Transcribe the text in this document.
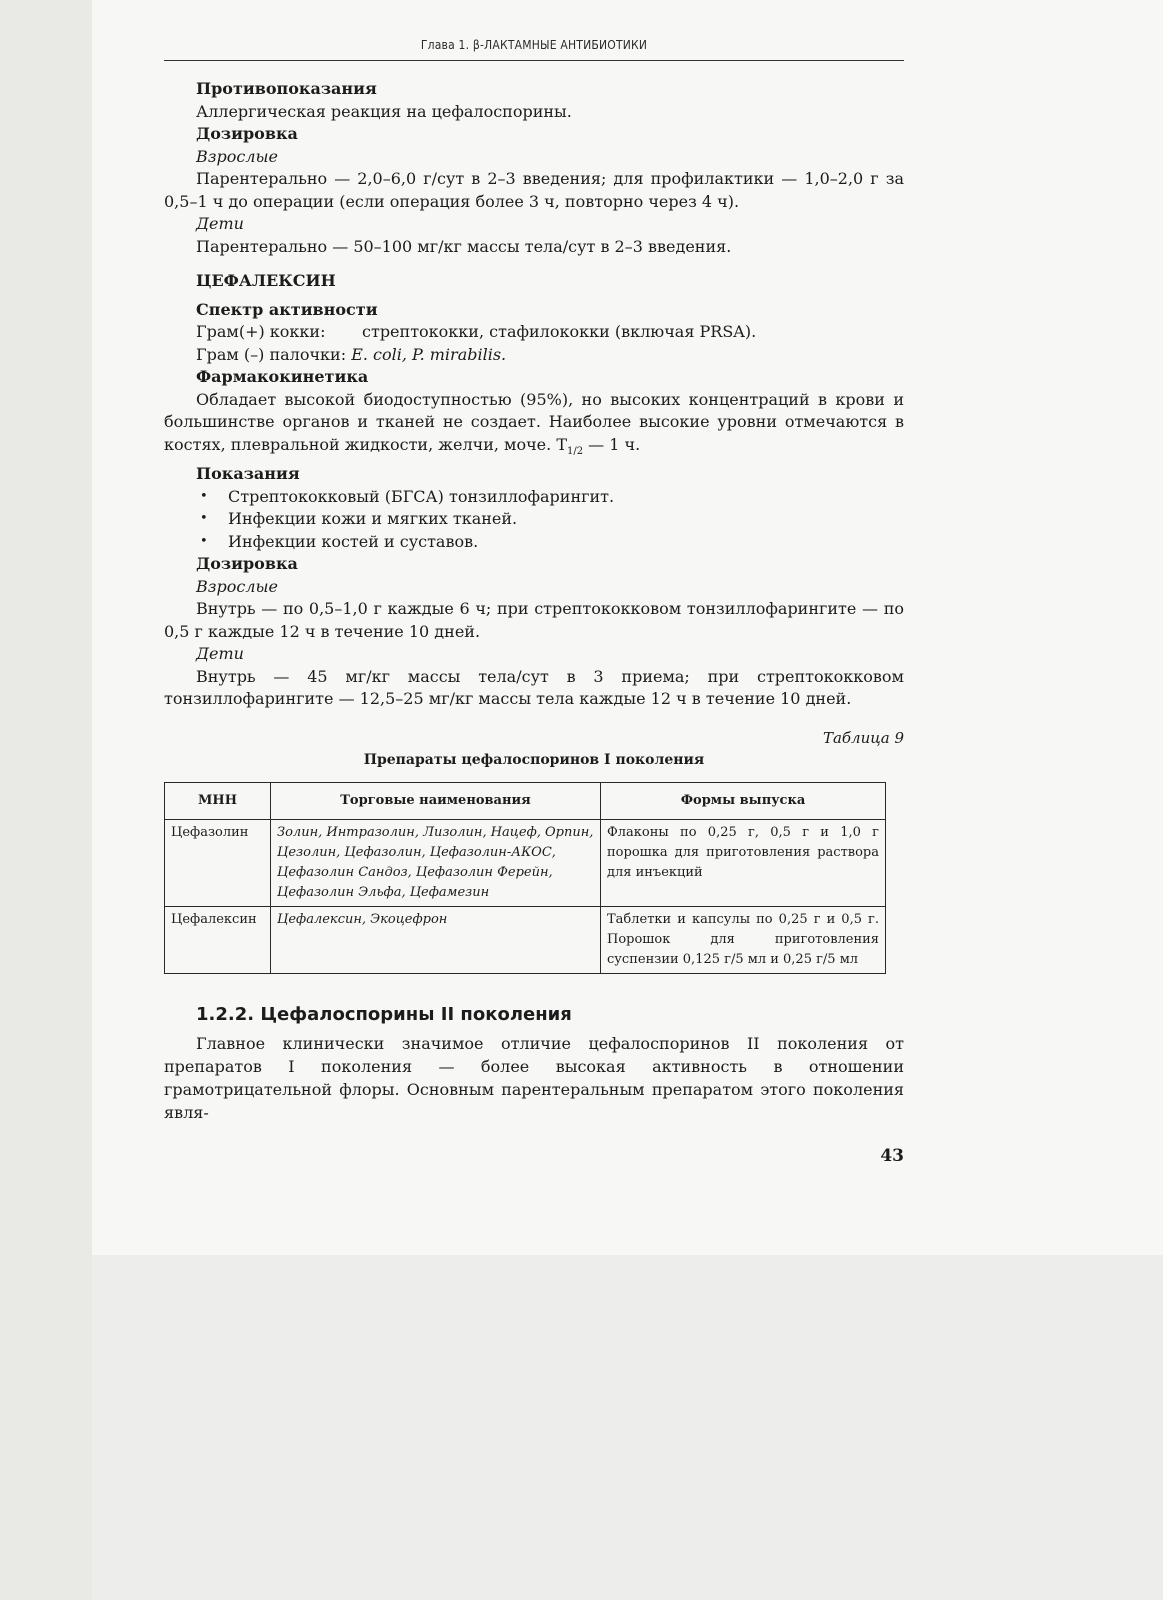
Глава 1. β-ЛАКТАМНЫЕ АНТИБИОТИКИ

Противопоказания

Аллергическая реакция на цефалоспорины.

Дозировка

Взрослые

Парентерально — 2,0–6,0 г/сут в 2–3 введения; для профилактики — 1,0–2,0 г за 0,5–1 ч до операции (если операция более 3 ч, повторно через 4 ч).

Дети

Парентерально — 50–100 мг/кг массы тела/сут в 2–3 введения.

ЦЕФАЛЕКСИН

Спектр активности

Грам(+) кокки: стрептококки, стафилококки (включая PRSA).

Грам (–) палочки: E. coli, P. mirabilis.

Фармакокинетика

Обладает высокой биодоступностью (95%), но высоких концентраций в крови и большинстве органов и тканей не создает. Наиболее высокие уровни отмечаются в костях, плевральной жидкости, желчи, моче. $T_{1/2}$ — 1 ч.

Показания

• Стрептококковый (БГСА) тонзиллофарингит.
• Инфекции кожи и мягких тканей.
• Инфекции костей и суставов.

Дозировка

Взрослые

Внутрь — по 0,5–1,0 г каждые 6 ч; при стрептококковом тонзиллофарингите — по 0,5 г каждые 12 ч в течение 10 дней.

Дети

Внутрь — 45 мг/кг массы тела/сут в 3 приема; при стрептококковом тонзиллофарингите — 12,5–25 мг/кг массы тела каждые 12 ч в течение 10 дней.

Таблица 9

Препараты цефалоспоринов I поколения

МНН	Торговые наименования	Формы выпуска
Цефазолин	Золин, Интразолин, Лизолин, Нацеф, Орпин, Цезолин, Цефазолин, Цефазолин-АКОС, Цефазолин Сандоз, Цефазолин Ферейн, Цефазолин Эльфа, Цефамезин	Флаконы по 0,25 г, 0,5 г и 1,0 г порошка для приготовления раствора для инъекций
Цефалексин	Цефалексин, Экоцефрон	Таблетки и капсулы по 0,25 г и 0,5 г. Порошок для приготовления суспензии 0,125 г/5 мл и 0,25 г/5 мл

1.2.2. Цефалоспорины II поколения

Главное клинически значимое отличие цефалоспоринов II поколения от препаратов I поколения — более высокая активность в отношении грамотрицательной флоры. Основным парентеральным препаратом этого поколения явля-

43
